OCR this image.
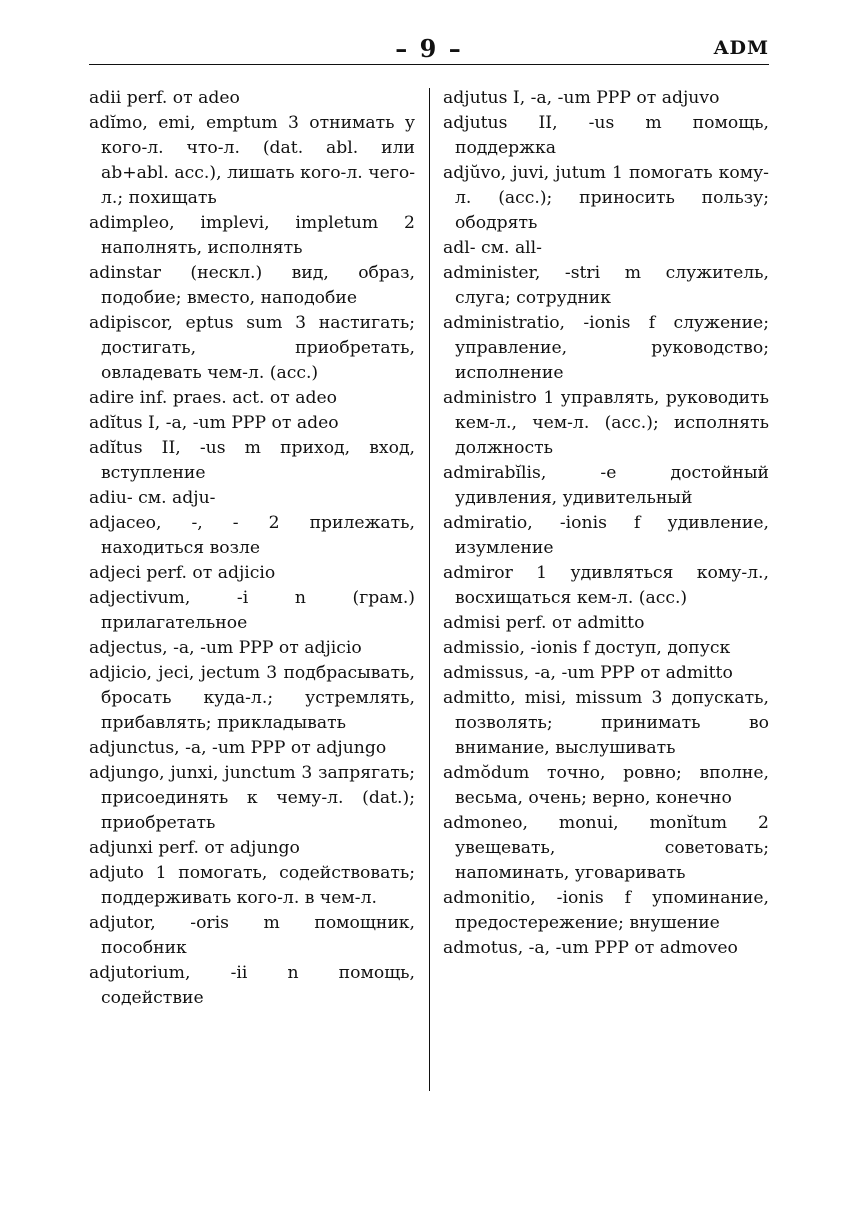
– 9 –	ADM
adii perf. от adeo
adĭmo, emi, emptum 3 отнимать у кого-л. что-л. (dat. abl. или ab+abl. acc.), лишать кого-л. чего-л.; похищать
adimpleo, implevi, impletum 2 наполнять, исполнять
adinstar (нескл.) вид, образ, подобие; вместо, наподобие
adipiscor, eptus sum 3 настигать; достигать, приобретать, овладевать чем-л. (acc.)
adire inf. praes. act. от adeo
adĭtus I, -a, -um PPP от adeo
adĭtus II, -us m приход, вход, вступление
adiu- см. adju-
adjaceo, -, - 2 прилежать, находиться возле
adjeci perf. от adjicio
adjectivum, -i n (грам.) прилагательное
adjectus, -a, -um PPP от adjicio
adjicio, jeci, jectum 3 подбрасывать, бросать куда-л.; устремлять, прибавлять; прикладывать
adjunctus, -a, -um PPP от adjungo
adjungo, junxi, junctum 3 запрягать; присоединять к чему-л. (dat.); приобретать
adjunxi perf. от adjungo
adjuto 1 помогать, содействовать; поддерживать кого-л. в чем-л.
adjutor, -oris m помощник, пособник
adjutorium, -ii n помощь, содействие
adjutus I, -a, -um PPP от adjuvo
adjutus II, -us m помощь, поддержка
adjŭvo, juvi, jutum 1 помогать кому-л. (acc.); приносить пользу; ободрять
adl- см. all-
administer, -stri m служитель, слуга; сотрудник
administratio, -ionis f служение; управление, руководство; исполнение
administro 1 управлять, руководить кем-л., чем-л. (acc.); исполнять должность
admirabĭlis, -e достойный удивления, удивительный
admiratio, -ionis f удивление, изумление
admiror 1 удивляться кому-л., восхищаться кем-л. (acc.)
admisi perf. от admitto
admissio, -ionis f доступ, допуск
admissus, -a, -um PPP от admitto
admitto, misi, missum 3 допускать, позволять; принимать во внимание, выслушивать
admŏdum точно, ровно; вполне, весьма, очень; верно, конечно
admoneo, monui, monĭtum 2 увещевать, советовать; напоминать, уговаривать
admonitio, -ionis f упоминание, предостережение; внушение
admotus, -a, -um PPP от admoveo
